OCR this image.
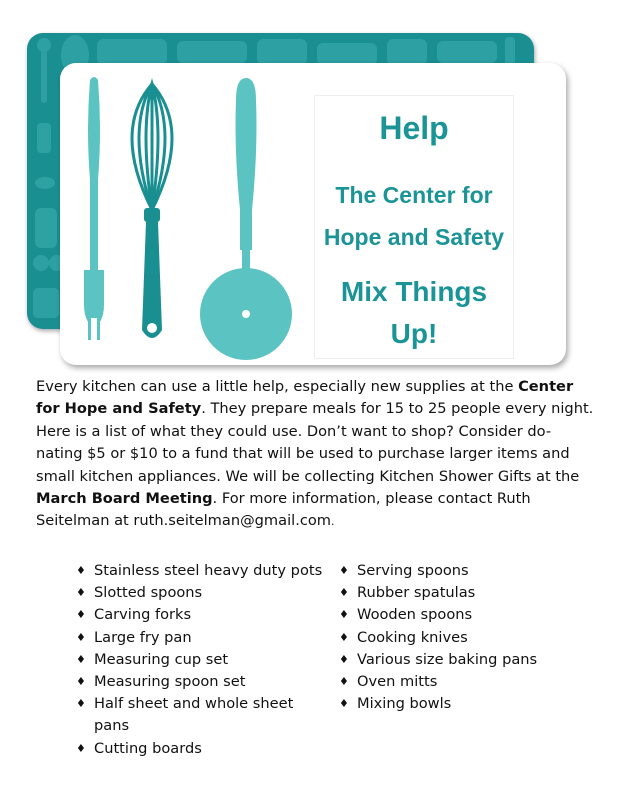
Help
The Center for
Hope and Safety
Mix Things
Up!

Every kitchen can use a little help, especially new supplies at the Center for Hope and Safety. They prepare meals for 15 to 25 people every night. Here is a list of what they could use. Don’t want to shop? Consider do-nating $5 or $10 to a fund that will be used to purchase larger items and small kitchen appliances. We will be collecting Kitchen Shower Gifts at the March Board Meeting. For more information, please contact Ruth Seitelman at ruth.seitelman@gmail.com.

♦ Stainless steel heavy duty pots
♦ Slotted spoons
♦ Carving forks
♦ Large fry pan
♦ Measuring cup set
♦ Measuring spoon set
♦ Half sheet and whole sheet pans
♦ Cutting boards
♦ Serving spoons
♦ Rubber spatulas
♦ Wooden spoons
♦ Cooking knives
♦ Various size baking pans
♦ Oven mitts
♦ Mixing bowls
